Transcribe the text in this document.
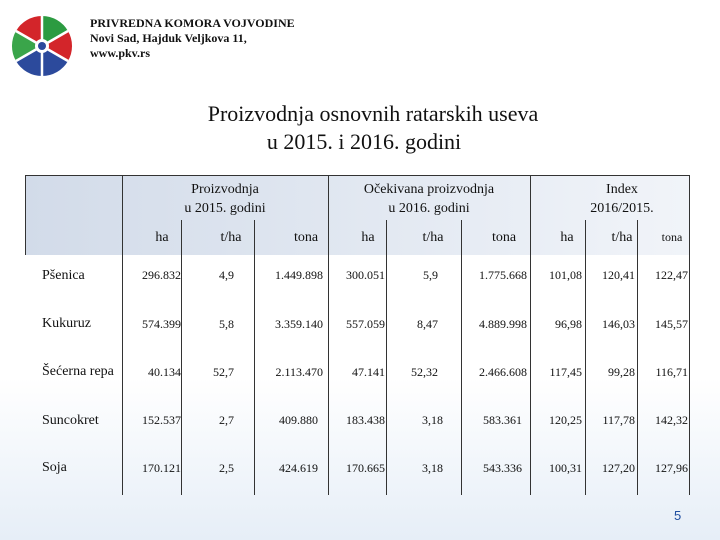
PRIVREDNA KOMORA VOJVODINE
Novi Sad, Hajduk Veljkova 11,
www.pkv.rs
Proizvodnja osnovnih ratarskih useva
u 2015. i 2016. godini
Proizvodnja
u 2015. godini
Očekivana proizvodnja
u 2016. godini
Index
2016/2015.
ha	t/ha	tona	ha	t/ha	tona	ha	t/ha	tona
Pšenica	296.832	4,9	1.449.898 300.051	5,9	1.775.668 101,08 120,41 122,47
Kukuruz	574.399	5,8	3.359.140 557.059	8,47	4.889.998 96,98 146,03 145,57
Šećerna repa	40.134	52,7	2.113.470 47.141 52,32	2.466.608 117,45 99,28 116,71
Suncokret	152.537	2,7	409.880 183.438	3,18	583.361 120,25 117,78 142,32
Soja	170.121	2,5	424.619 170.665	3,18	543.336 100,31 127,20 127,96
5
